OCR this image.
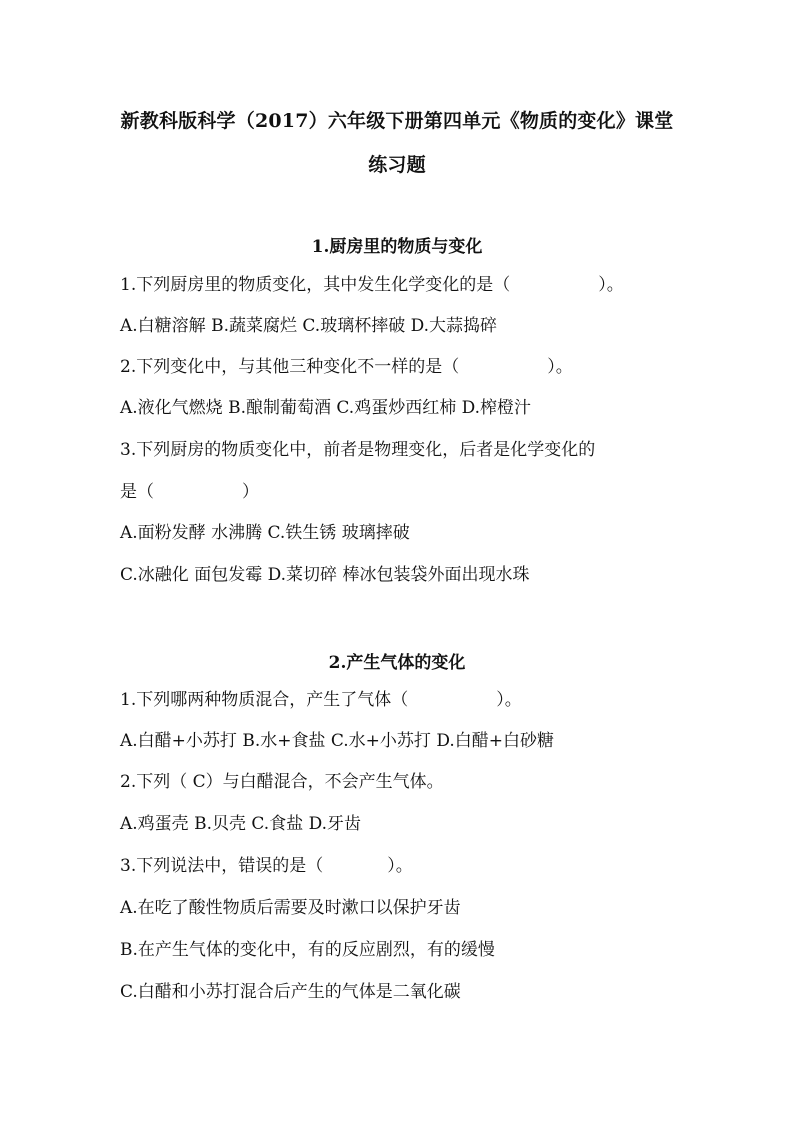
新教科版科学（2017）六年级下册第四单元《物质的变化》课堂
练习题
1.厨房里的物质与变化
1.下列厨房里的物质变化，其中发生化学变化的是（	）。
A.白糖溶解 B.蔬菜腐烂 C.玻璃杯摔破 D.大蒜捣碎
2.下列变化中，与其他三种变化不一样的是（	）。
A.液化气燃烧 B.酿制葡萄酒 C.鸡蛋炒西红柿 D.榨橙汁
3.下列厨房的物质变化中，前者是物理变化，后者是化学变化的
是（	）
A.面粉发酵 水沸腾 C.铁生锈 玻璃摔破
C.冰融化 面包发霉 D.菜切碎 棒冰包装袋外面出现水珠
2.产生气体的变化
1.下列哪两种物质混合，产生了气体（	）。
A.白醋+小苏打 B.水+食盐 C.水+小苏打 D.白醋+白砂糖
2.下列（ C）与白醋混合，不会产生气体。
A.鸡蛋壳 B.贝壳 C.食盐 D.牙齿
3.下列说法中，错误的是（	）。
A.在吃了酸性物质后需要及时漱口以保护牙齿
B.在产生气体的变化中，有的反应剧烈，有的缓慢
C.白醋和小苏打混合后产生的气体是二氧化碳
